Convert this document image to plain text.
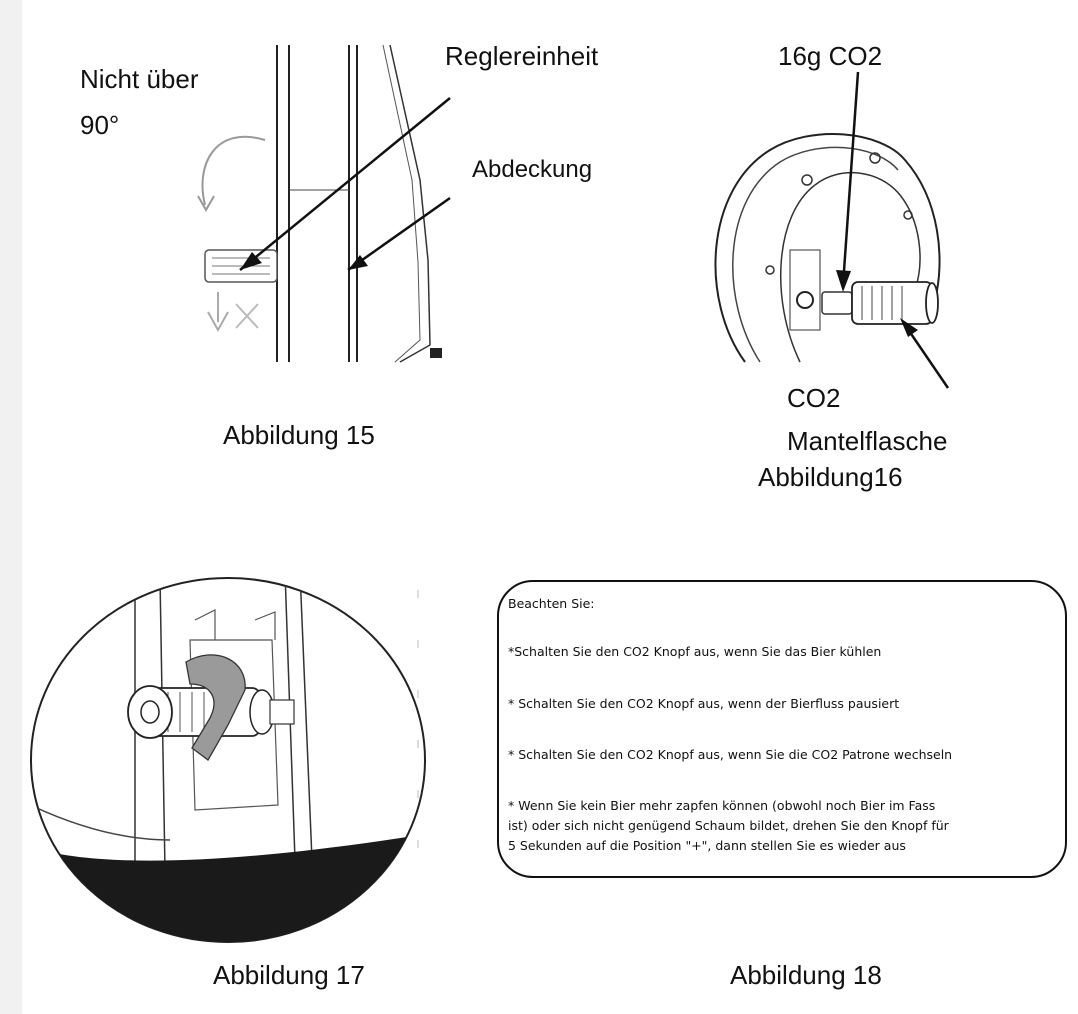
Nicht über
90°
Reglereinheit
Abdeckung
Abbildung 15
16g CO2
CO2
Mantelflasche
Abbildung16
Abbildung 17
Beachten Sie:
*Schalten Sie den CO2 Knopf aus, wenn Sie das Bier kühlen
* Schalten Sie den CO2 Knopf aus, wenn der Bierfluss pausiert
* Schalten Sie den CO2 Knopf aus, wenn Sie die CO2 Patrone wechseln
* Wenn Sie kein Bier mehr zapfen können (obwohl noch Bier im Fass
ist) oder sich nicht genügend Schaum bildet, drehen Sie den Knopf für
5 Sekunden auf die Position "+", dann stellen Sie es wieder aus
Abbildung 18
